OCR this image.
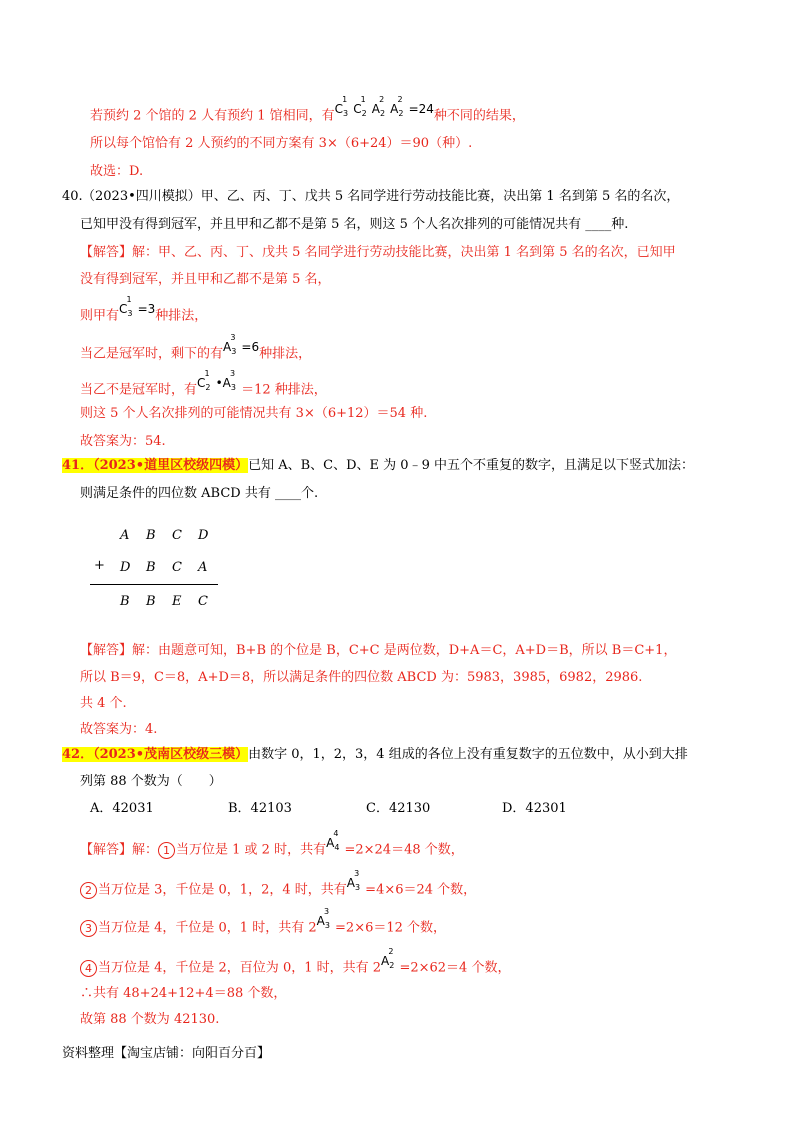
若预约 2 个馆的 2 人有预约 1 馆相同，有$C_3^1C_2^1A_2^2A_2^2=24$种不同的结果，
所以每个馆恰有 2 人预约的不同方案有 3×（6+24）＝90（种）.
故选：D.
40. （2023•四川模拟）甲、乙、丙、丁、戊共 5 名同学进行劳动技能比赛，决出第 1 名到第 5 名的名次，
已知甲没有得到冠军，并且甲和乙都不是第 5 名，则这 5 个人名次排列的可能情况共有 ____种.
【解答】解：甲、乙、丙、丁、戊共 5 名同学进行劳动技能比赛，决出第 1 名到第 5 名的名次，已知甲
没有得到冠军，并且甲和乙都不是第 5 名，
则甲有$C_3^1=3$种排法，
当乙是冠军时，剩下的有$A_3^3=6$种排法，
当乙不是冠军时，有$C_2^1•A_3^3=12$ 种排法，
则这 5 个人名次排列的可能情况共有 3×（6+12）＝54 种.
故答案为：54.
41．（2023•道里区校级四模）已知 A、B、C、D、E 为 0﹣9 中五个不重复的数字，且满足以下竖式加法：
则满足条件的四位数 ABCD 共有 ____个.
A B C D
+ D B C A
B B E C
【解答】解：由题意可知，B+B 的个位是 B，C+C 是两位数，D+A＝C，A+D＝B，所以 B＝C+1，
所以 B＝9，C＝8，A+D＝8，所以满足条件的四位数 ABCD 为：5983，3985，6982，2986.
共 4 个.
故答案为：4.
42．（2023•茂南区校级三模）由数字 0，1，2，3，4 组成的各位上没有重复数字的五位数中，从小到大排
列第 88 个数为（　　）
A．42031	B．42103	C．42130	D．42301
【解答】解： 1 当万位是 1 或 2 时，共有$A_4^4=2\times 24=48$ 个数，
2 当万位是 3，千位是 0，1，2，4 时，共有$A_3^3=4\times 6=24$ 个数，
3 当万位是 4，千位是 0，1 时，共有 $2A_3^3=2\times 6=12$ 个数，
4 当万位是 4，千位是 2，百位为 0，1 时，共有 $2A_2^2=2\times 62=4$ 个数，
∴共有 48+24+12+4＝88 个数，
故第 88 个数为 42130.
资料整理【淘宝店铺：向阳百分百】
